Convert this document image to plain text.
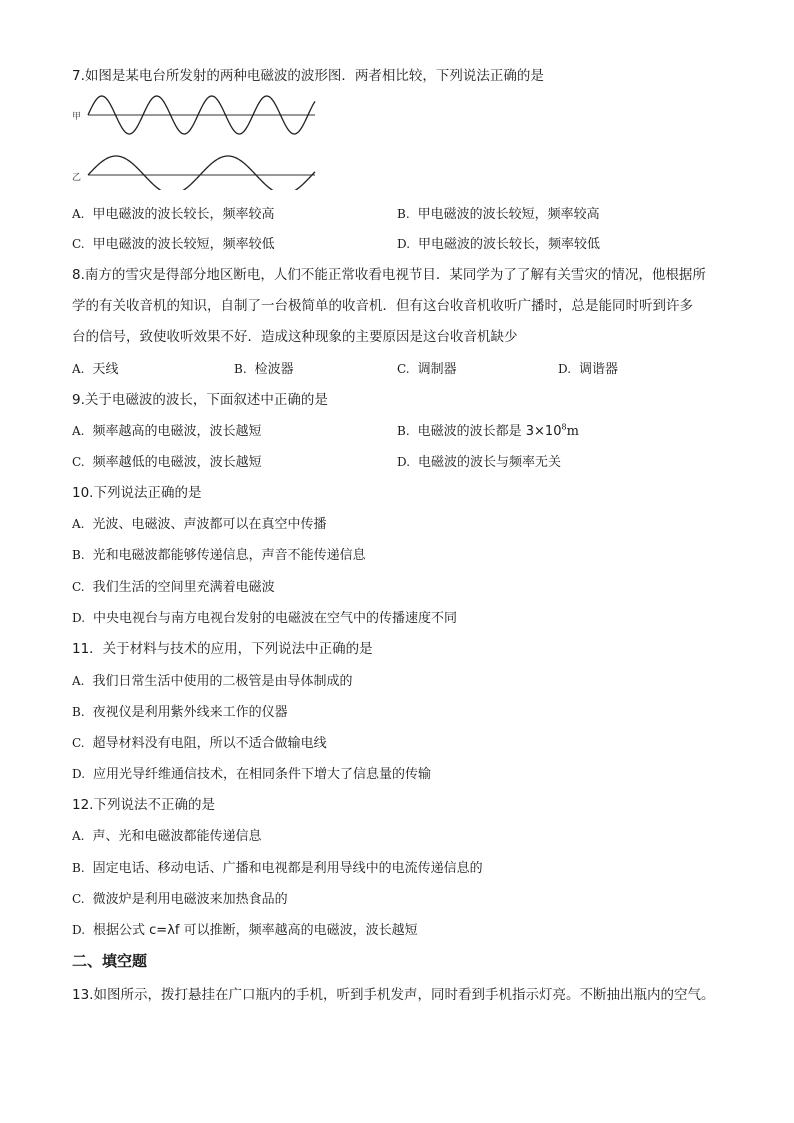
7.如图是某电台所发射的两种电磁波的波形图．两者相比较，下列说法正确的是
甲
乙
A. 甲电磁波的波长较长，频率较高	B. 甲电磁波的波长较短，频率较高
C. 甲电磁波的波长较短，频率较低	D. 甲电磁波的波长较长，频率较低
8.南方的雪灾是得部分地区断电，人们不能正常收看电视节目．某同学为了了解有关雪灾的情况，他根据所
学的有关收音机的知识，自制了一台极简单的收音机．但有这台收音机收听广播时，总是能同时听到许多
台的信号，致使收听效果不好．造成这种现象的主要原因是这台收音机缺少
A. 天线	B. 检波器	C. 调制器	D. 调谐器
9.关于电磁波的波长，下面叙述中正确的是
A. 频率越高的电磁波，波长越短	B. 电磁波的波长都是 $3\times 10^8m$
C. 频率越低的电磁波，波长越短	D. 电磁波的波长与频率无关
10.下列说法正确的是
A. 光波、电磁波、声波都可以在真空中传播
B. 光和电磁波都能够传递信息，声音不能传递信息
C. 我们生活的空间里充满着电磁波
D. 中央电视台与南方电视台发射的电磁波在空气中的传播速度不同
11．关于材料与技术的应用，下列说法中正确的是
A. 我们日常生活中使用的二极管是由导体制成的
B. 夜视仪是利用紫外线来工作的仪器
C. 超导材料没有电阻，所以不适合做输电线
D. 应用光导纤维通信技术，在相同条件下增大了信息量的传输
12.下列说法不正确的是
A. 声、光和电磁波都能传递信息
B. 固定电话、移动电话、广播和电视都是利用导线中的电流传递信息的
C. 微波炉是利用电磁波来加热食品的
D. 根据公式 c=λf 可以推断，频率越高的电磁波，波长越短
二、填空题
13.如图所示，拨打悬挂在广口瓶内的手机，听到手机发声，同时看到手机指示灯亮。不断抽出瓶内的空气。
